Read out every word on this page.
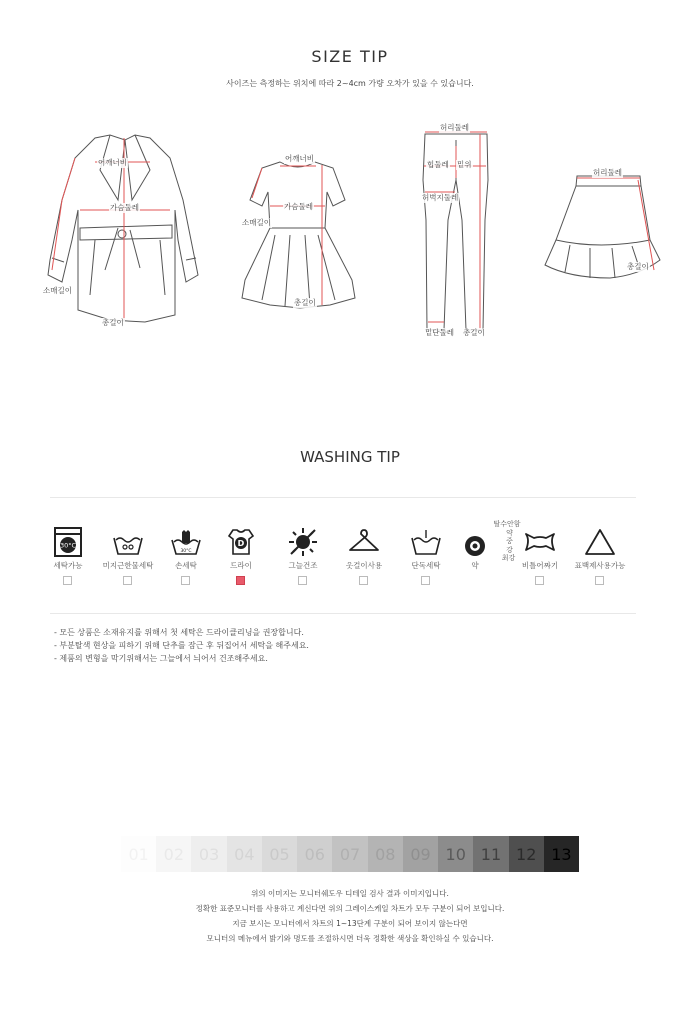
SIZE TIP
사이즈는 측정하는 위치에 따라 2~4cm 가량 오차가 있을 수 있습니다.
어깨너비
가슴둘레
소매길이
총길이
어깨너비
가슴둘레
소매길이
총길이
허리둘레
힙둘레 밑위
허벅지둘레
밑단둘레 총길이
허리둘레
총길이
WASHING TIP
30°C
세탁가능	미지근한물세탁
30°C
손세탁
D
드라이	그늘건조	옷걸이사용	단독세탁	약
탈수안함
약
중
강
최강
비틀어짜기	표백제사용가능
- 모든 상품은 소재유지를 위해서 첫 세탁은 드라이클리닝을 권장합니다.
- 부분탈색 현상을 피하기 위해 단추를 잠근 후 뒤집어서 세탁을 해주세요.
- 제품의 변형을 막기위해서는 그늘에서 늬어서 건조해주세요.
01 02 03 04 05 06 07 08 09 10 11 12 13
위의 이미지는 모니터쉐도우 디테일 검사 결과 이미지입니다.
정확한 표준모니터를 사용하고 계신다면 위의 그레이스케일 차트가 모두 구분이 되어 보입니다.
지금 보시는 모니터에서 차트의 1~13단계 구분이 되어 보이지 않는다면
모니터의 메뉴에서 밝기와 명도를 조절하시면 더욱 정확한 색상을 확인하실 수 있습니다.
